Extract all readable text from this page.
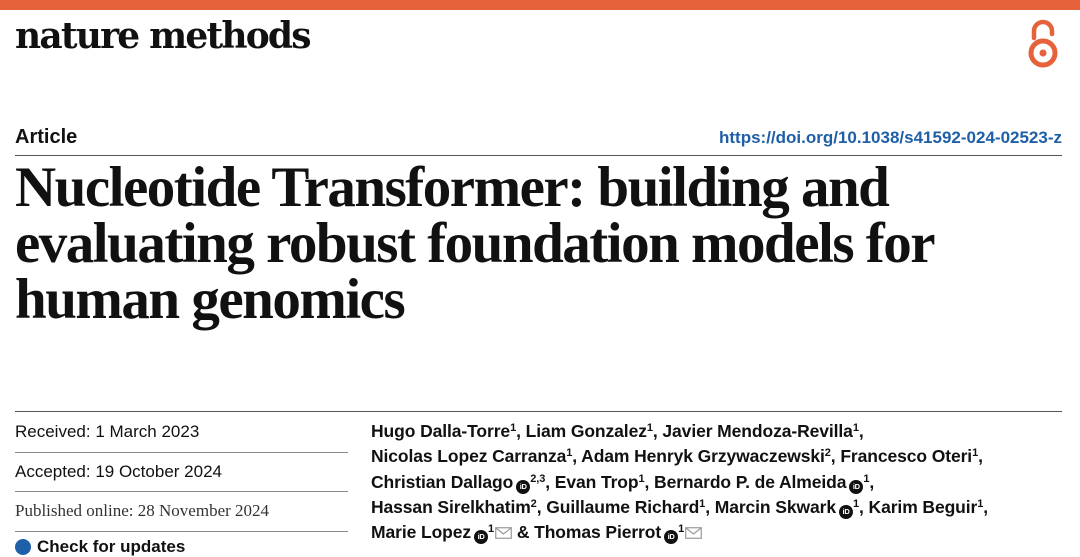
nature methods
Article	https://doi.org/10.1038/s41592-024-02523-z
Nucleotide Transformer: building and
evaluating robust foundation models for
human genomics
Received: 1 March 2023
Accepted: 19 October 2024
Published online: 28 November 2024
Check for updates
Hugo Dalla-Torre$^1$, Liam Gonzalez$^1$, Javier Mendoza-Revilla$^1$,
Nicolas Lopez Carranza$^1$, Adam Henryk Grzywaczewski$^2$, Francesco Oteri$^1$,
Christian Dallago iD$^{2,3}$, Evan Trop$^1$, Bernardo P. de Almeida $iD^1$,
Hassan Sirelkhatim$^2$, Guillaume Richard$^1$, Marcin Skwark $iD^1$, Karim Beguir$^1$,
Marie Lopez $iD^1$ & Thomas Pierrot $iD^1$
